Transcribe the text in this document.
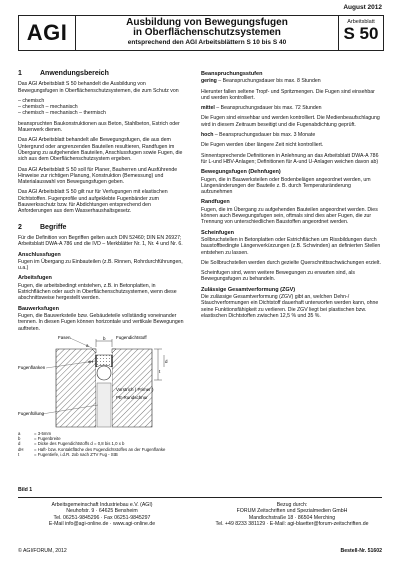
August 2012
AGI	Ausbildung von Bewegungsfugen
in Oberflächenschutzsystemen
entsprechend den AGI Arbeitsblättern S 10 bis S 40
Arbeitsblatt
S 50
1	Anwendungsbereich

Das AGI Arbeitsblatt S 50 behandelt die Ausbildung von Bewegungsfugen in Oberflächenschutzsystemen, die zum Schutz von

– chemisch
– chemisch – mechanisch
– chemisch – mechanisch – thermisch

beanspruchten Baukonstruktionen aus Beton, Stahlbeton, Estrich oder Mauerwerk dienen.

Das AGI Arbeitsblatt behandelt alle Bewegungsfugen, die aus dem Untergrund oder angrenzenden Bauteilen resultieren, Randfugen im Übergang zu aufgehenden Bauteilen, Anschlussfugen sowie Fugen, die sich aus dem Oberflächenschutzsystem ergeben.

Das AGI Arbeitsblatt S 50 soll für Planer, Bauherren und Ausführende Hinweise zur richtigen Planung, Konstruktion (Bemessung) und Materialauswahl von Bewegungsfugen geben.

Das AGI Arbeitsblatt S 50 gilt nur für Verfugungen mit elastischen Dichtstoffen. Fugenprofile und aufgeklebte Fugenbänder zum Bauwerksschutz bzw. für Abdichtungen entsprechend den Anforderungen aus dem Wasserhaushaltsgesetz.

2	Begriffe

Für die Definition von Begriffen gelten auch DIN 52460; DIN EN 26927; Arbeitsblatt DWA-A 786 und die IVD – Merkblätter Nr. 1, Nr. 4 und Nr. 6.

Anschlussfugen

Fugen im Übergang zu Einbauteilen (z.B. Rinnen, Rohrdurchführungen, u.a.)

Arbeitsfugen

Fugen, die arbeitsbedingt entstehen, z.B. in Betonplatten, in Estrichflächen oder auch in Oberflächenschutzsystemen, wenn diese abschnittsweise hergestellt werden.

Bauwerksfugen

Fugen, die Bauwerksteile bzw. Gebäudeteile vollständig voneinander trennen. In diesen Fugen können horizontale und vertikale Bewegungen auftreten.

Beanspruchungsstufen

gering – Beanspruchungsdauer bis max. 8 Stunden

Hierunter fallen seltene Tropf- und Spritzmengen. Die Fugen sind einsehbar und werden kontrolliert.

mittel – Beanspruchungsdauer bis max. 72 Stunden

Die Fugen sind einsehbar und werden kontrolliert. Die Medienbeaufschlagung wird in diesem Zeitraum beseitigt und die Fugenabdichtung geprüft.

hoch – Beanspruchungsdauer bis max. 3 Monate

Die Fugen werden über längere Zeit nicht kontrolliert.

Sinnentsprechende Definitionen in Anlehnung an das Arbeitsblatt DWA-A 786 für L-und HBV-Anlagen; Definitionen für A-und U-Anlagen weichen davon ab)

Bewegungsfugen (Dehnfugen)

Fugen, die in Bauwerksteilen oder Bodenbelägen angeordnet werden, um Längenänderungen der Bauteile z. B. durch Temperaturänderung aufzunehmen

Randfugen

Fugen, die im Übergang zu aufgehenden Bauteilen angeordnet werden. Dies können auch Bewegungsfugen sein, oftmals sind dies aber Fugen, die zur Trennung von unterschiedlichen Baustoffen angeordnet werden.

Scheinfugen

Sollbruchstellen in Betonplatten oder Estrichflächen um Rissbildungen durch baustoffbedingte Längenverkürzungen (z.B. Schwinden) an definierten Stellen entstehen zu lassen.

Die Sollbruchstellen werden durch gezielte Querschnittsschwächungen erzielt.

Scheinfugen sind, wenn weitere Bewegungen zu erwarten sind, als Bewegungsfugen zu behandeln.

Zulässige Gesamtverformung (ZGV)

Die zulässige Gesamtverformung (ZGV) gibt an, welchen Dehn-/ Stauchverformungen ein Dichtstoff dauerhaft unterworfen werden kann, ohne seine Funktionsfähigkeit zu verlieren. Die ZGV liegt bei plastischen bzw. elastischen Dichtstoffen zwischen 12,5 % und 35 %.

Fasen	Fugendichtstoff
Fugenflanken
Vorstrich ( Primer )
PE-Rundschnur
Fugenfüllung
b
t
d
a
dH
a	= 3-5mm
b	= Fugenbreite
d	= Dicke des Fugendichtstoffs d = 0,8 bis 1,0 x b
dH	= Haft- bzw. Kontaktfläche des Fugendichtstoffes an der Fugenflanke
t	= Fugentiefe, i.d.R. 2xb nach ZTV Fug - StB
Bild 1
Arbeitsgemeinschaft Industriebau e.V. (AGI)
Neuhofstr. 9 · 64625 Bensheim
Tel. 06251-9845296 · Fax 06251-9845297
E-Mail info@agi-online.de · www.agi-online.de
Bezug durch:
FORUM Zeitschriften und Spezialmedien GmbH
Mandlochstraße 18 · 86504 Merching
Tel. +49 8233 381129 · E-Mail: agi-blaetter@forum-zeitschriften.de
© AGI/FORUM, 2012	Bestell-Nr. 51602
